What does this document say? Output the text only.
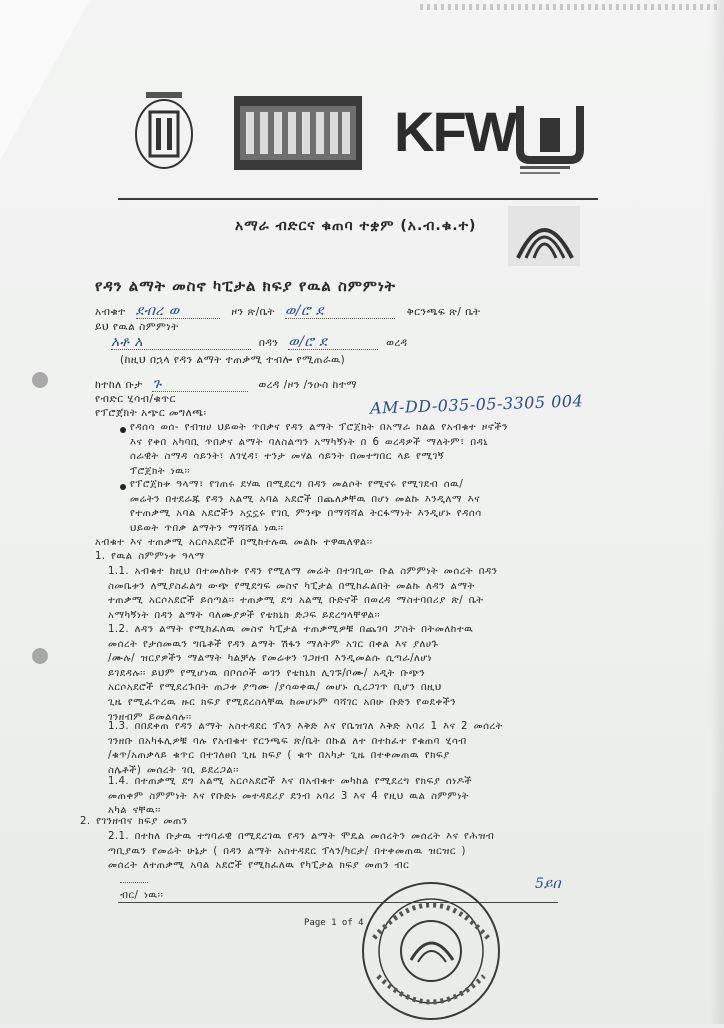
KFW
አማራ ብድርና ቁጠባ ተቋም (አ.ብ.ቁ.ተ)
የዳን ልማት መስኖ ካፒታል ክፍያ የዉል ስምምነት
አብቁተ ደብረ ወ	ዞን ጽ/ቤት ወ/ሮ ደ	ቅርንጫፍ ጽ/ ቤት
ይህ የዉል ስምምነት
አቶ አ	በዳን ወ/ሮ ደ	ወረዳ
(ከዚህ በኋላ የዳን ልማት ተጠቃሚ ተብሎ የሚጠራዉ)
ከተከለ ቡታ ጉ	ወረዳ /ዞን /ንዑስ ከተማ
የብድር ሂሳብ/ቁጥር	AM-DD-035-05-3305 004
የፕሮጀክት አጭር መግለጫ፡
የዳሰሳ ወሰ- የብዝሀ ህይወት ጥበቃና የዳን ልማት ፕሮጀክት በአማራ ክልል የአብቁተ ዞኖችን
እና የቀበ አካባቢ ጥበቃና ልማት ባለስልጣን አማካኝነት በ 6 ወረዳዎች ማለትም፣ በዳኒ
ሰራዊት ስማዳ ሳይንት፣ ለገሂዳ፣ ተንታ መሃል ሳይንት በመተግበር ላይ የሚገኝ
ፕሮጀክት ነዉ፡፡
የፕሮጀክቱ ዓላማ፣ የገጠሩ ደሃዉ በሚደርግ በዳን መልሶት የሚኖሩ የሚገደብ ሰዉ/
መሬትን በተደራጁ የዳን አልሚ አባል አደሮች በጨለቃቸዉ በሆነ መልኩ እንዲለማ እና
የተጠቃሚ አባል አደሮችን አኗኗሩ የገቢ ምንጭ በማሻሻል ትርፋማነት እንዲሆኑ የዳሰሳ
ህይወት ጥበቃ ልማትን ማሻሻል ነዉ፡፡
አብቁተ እና ተጠቃሚ አርሶአደሮች በሚከተሉዉ መልኩ ተዋዉለዋል፡፡
1. የዉል ስምምነቱ ዓላማ
1.1. አብቁተ ከዚህ በተመለከቱ የዳን የሚለማ መሬት በተገቢው ቡል ስምምነት መሰረት በዳን
ስመቤቱን ለሚያስፈልግ ውጭ የሚደግፍ መስኖ ካፒታል በሚከፈልበት መልኩ ለዳን ልማት
ተጠቃሚ አርሶአደሮች ይሰጣል፡፡ ተጠቃሚ ደግ አልሚ ቡድኖች በወረዳ ማስተባበሪያ ጽ/ ቤት
አማካኝነት በዳን ልማት ባለሙያዎች የቴክኒክ ድጋፍ ይደረግላቸዋል፡፡
1.2. ለዳን ልማት የሚከፈለዉ መስኖ ካፒታል ተጠቃሚዎቹ በጨገባ ፖስት በትመለከተዉ
መሰረት የታሰመዉን ግቤቶች የዳን ልማት ሽፋን ማለትም አገር በቀል እና ያለሀጉ
/ሙሉ/ ዝርያዎችን ማልማት ካልቻሉ የመሬቱን ገጋዘብ እንዲመልሱ ሲጣራ/ለሆነ
ይገደዳሉ፡፡ ይህም የሚሆነዉ በቦሰሶች ወገን የቴክኒክ ሊገኙ/ቦሙ/ አዲት ቡጭን
አርሶአደሮች የሚደረጉበት ጠጋቱ ያጣሙ /ያሳወቀዉ/ መሆኑ ሲረጋገጥ ቢሆን በዚህ
ጊዜ የሚፈጥረዉ ዙር ክፍያ የሚደረስላቸዉ ከመሆኑም ባሻገር አበሁ ቡድን የወደቀችን
ገንዘብም ይመልሳሉ፡፡
1.3. በበደቀጠ የዳን ልማት አስተዳደር ፕላን እቅድ እና የቤዝገለ እቅድ አባሪ 1 እና 2 መሰረት
ገንዘቡ በአካፋሊዎቹ ባሉ የአብቁተ የርንጫፍ ጽ/ቤት በኩል ለተ በተከፈተ የቁጠባ ሂሳብ
/ቁጥ/አጠቃላይ ቁጥር በተገለፀበ ጊዜ ክፍያ ( ቁጥ በአካታ ጊዜ በተቀመጠዉ የክፍያ
ስሌቶች) መሰረት ገቢ ይደረጋል፡፡
1.4. በተጠቃሚ ደግ አልሚ አርሶአደሮች እና በአብቁተ መካከል የሚደረግ የክፍያ ሰነዶች
መጠቀም ስምምነት እና የቡድኑ መተዳደሪያ ደንብ አባሪ 3 እና 4 የዚህ ዉል ስምምነት
አካል ናቸዉ፡፡
2. የገንዘብና ክፍያ መጠን
2.1. በተከለ ቡታዉ ተግባራዊ በሚደረገዉ የዳን ልማት ሞዴል መሰረትን መሰረት እና የሕዝብ
ጣቢያዉን የመሬት ሁኔታ ( በዳን ልማት አስተዳደር ፕላን/ካርታ/ በተቀመጠዉ ዝርዝር )
መሰረት ለተጠቃሚ አባል አደሮች የሚከፈለዉ የካፒታል ክፍያ መጠን ብር
ብር/ ነዉ፡፡
5ይበ
Page 1 of 4
